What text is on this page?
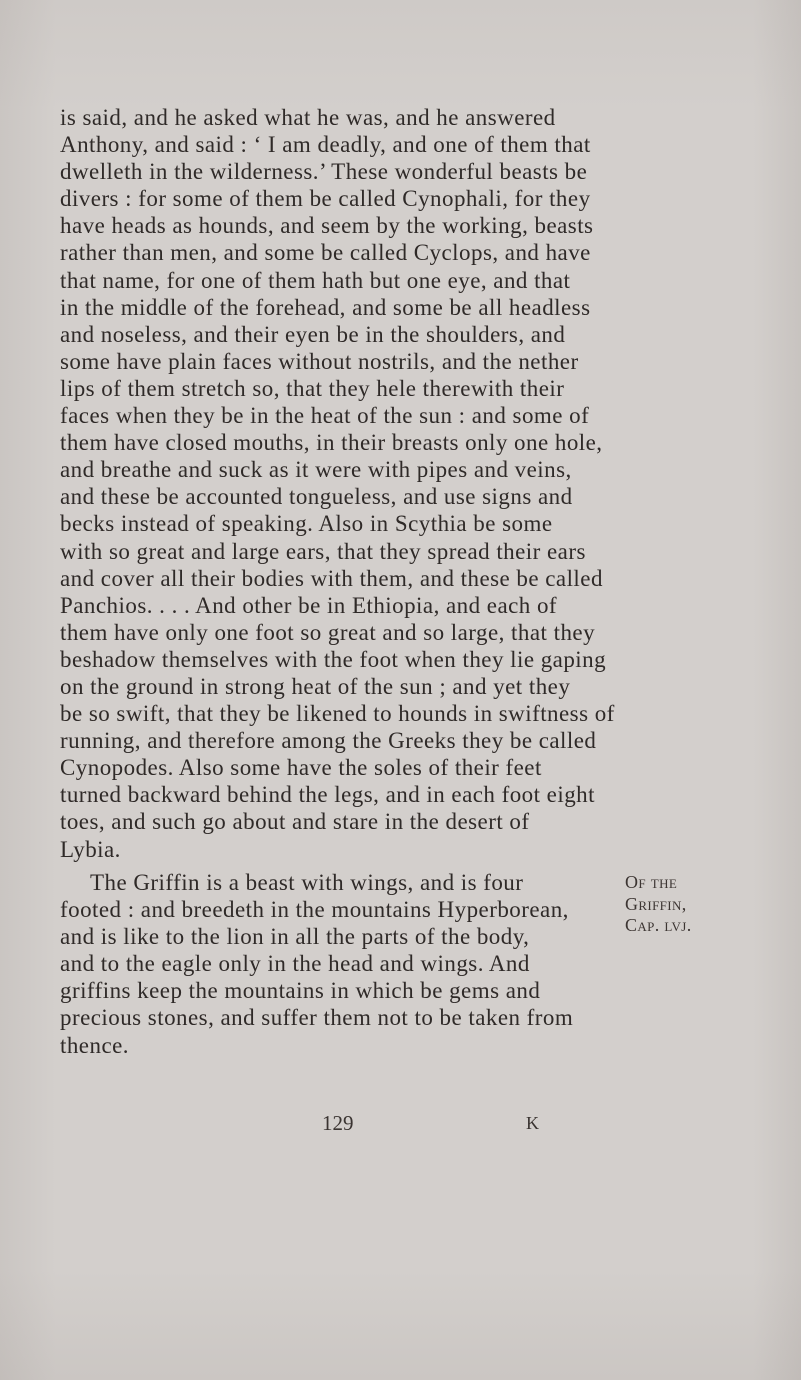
is said, and he asked what he was, and he answered

Anthony, and said : ‘ I am deadly, and one of them that

dwelleth in the wilderness.’ These wonderful beasts be

divers : for some of them be called Cynophali, for they

have heads as hounds, and seem by the working, beasts

rather than men, and some be called Cyclops, and have

that name, for one of them hath but one eye, and that

in the middle of the forehead, and some be all headless

and noseless, and their eyen be in the shoulders, and

some have plain faces without nostrils, and the nether

lips of them stretch so, that they hele therewith their

faces when they be in the heat of the sun : and some of

them have closed mouths, in their breasts only one hole,

and breathe and suck as it were with pipes and veins,

and these be accounted tongueless, and use signs and

becks instead of speaking. Also in Scythia be some

with so great and large ears, that they spread their ears

and cover all their bodies with them, and these be called

Panchios. . . . And other be in Ethiopia, and each of

them have only one foot so great and so large, that they

beshadow themselves with the foot when they lie gaping

on the ground in strong heat of the sun ; and yet they

be so swift, that they be likened to hounds in swiftness of

running, and therefore among the Greeks they be called

Cynopodes. Also some have the soles of their feet

turned backward behind the legs, and in each foot eight

toes, and such go about and stare in the desert of

Lybia.

The Griffin is a beast with wings, and is four
footed : and breedeth in the mountains Hyperborean,
and is like to the lion in all the parts of the body,
and to the eagle only in the head and wings. And
griffins keep the mountains in which be gems and
precious stones, and suffer them not to be taken from
thence.
Of the
Griffin,
Cap. lvj.
129	K
